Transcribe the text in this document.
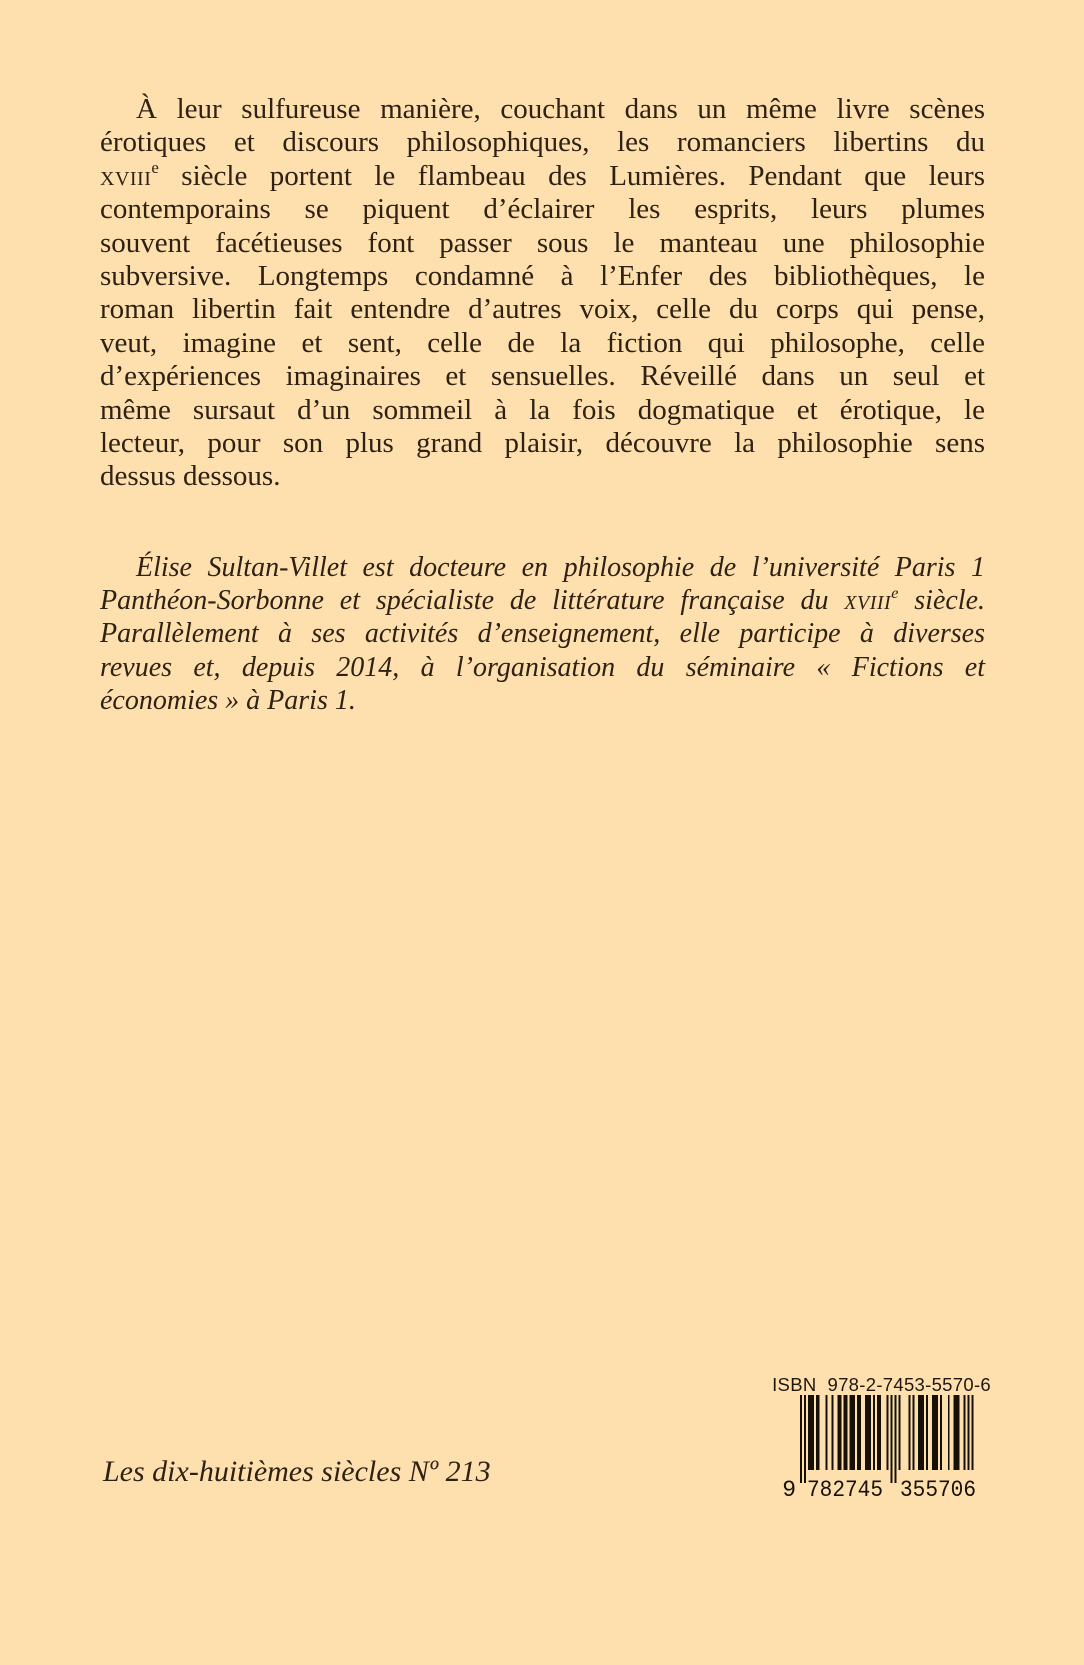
À leur sulfureuse manière, couchant dans un même livre scènes
érotiques et discours philosophiques, les romanciers libertins du
xviii$^e$ siècle portent le flambeau des Lumières. Pendant que leurs
contemporains se piquent d’éclairer les esprits, leurs plumes
souvent facétieuses font passer sous le manteau une philosophie
subversive. Longtemps condamné à l’Enfer des bibliothèques, le
roman libertin fait entendre d’autres voix, celle du corps qui pense,
veut, imagine et sent, celle de la fiction qui philosophe, celle
d’expériences imaginaires et sensuelles. Réveillé dans un seul et
même sursaut d’un sommeil à la fois dogmatique et érotique, le
lecteur, pour son plus grand plaisir, découvre la philosophie sens
dessus dessous.
Élise Sultan-Villet est docteure en philosophie de l’université Paris 1
Panthéon-Sorbonne et spécialiste de littérature française du xviii$^e$ siècle.
Parallèlement à ses activités d’enseignement, elle participe à diverses
revues et, depuis 2014, à l’organisation du séminaire « Fictions et
économies » à Paris 1.
Les dix-huitièmes siècles Nº 213
ISBN 978-2-7453-5570-6
9 782745 355706
